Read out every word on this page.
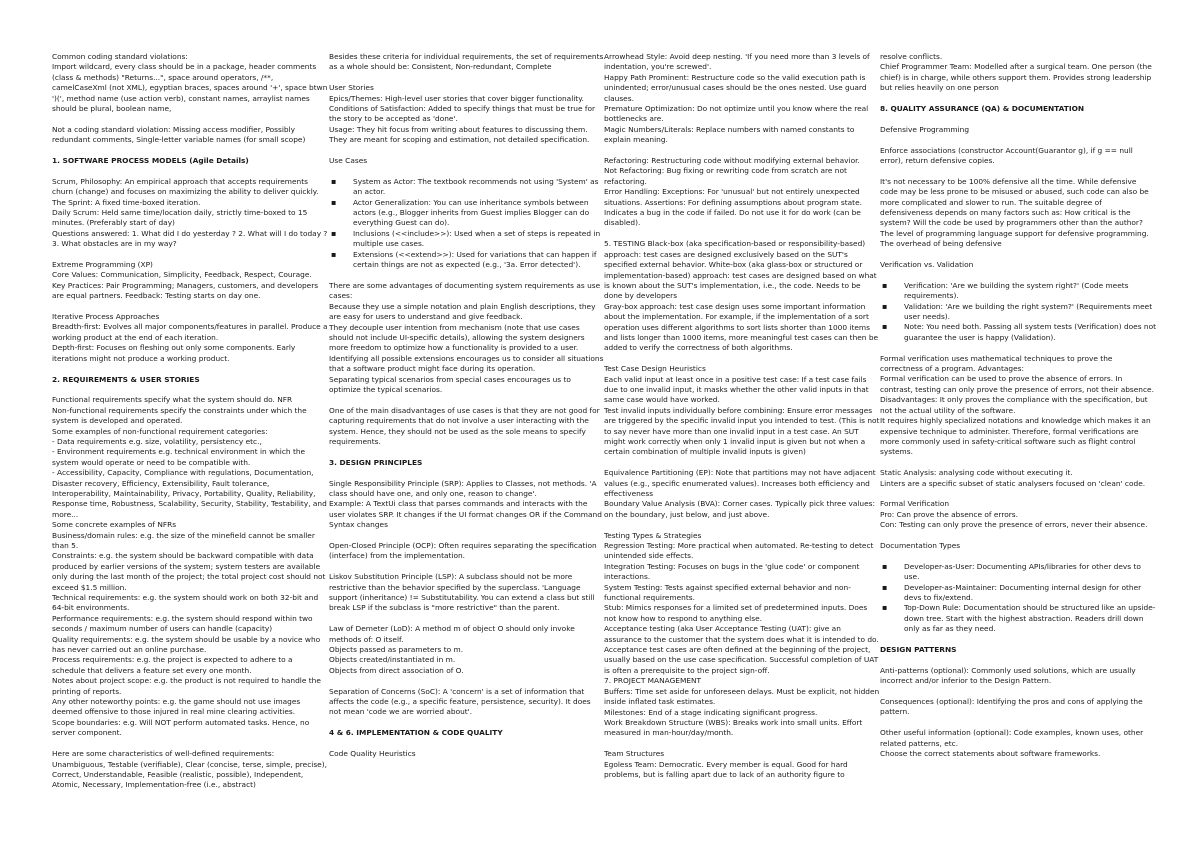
Common coding standard violations:
Import wildcard, every class should be in a package, header comments (class & methods) "Returns...", space around operators, /**, camelCaseXml (not XML), egyptian braces, spaces around '+', space btwn ')(', method name (use action verb), constant names, arraylist names should be plural, boolean name,
Not a coding standard violation: Missing access modifier, Possibly redundant comments, Single-letter variable names (for small scope)
1. SOFTWARE PROCESS MODELS (Agile Details)
Scrum, Philosophy: An empirical approach that accepts requirements churn (change) and focuses on maximizing the ability to deliver quickly.
The Sprint: A fixed time-boxed iteration.
Daily Scrum: Held same time/location daily, strictly time-boxed to 15 minutes. (Preferably start of day)
Questions answered: 1. What did I do yesterday ? 2. What will I do today ? 3. What obstacles are in my way?
Extreme Programming (XP)
Core Values: Communication, Simplicity, Feedback, Respect, Courage.
Key Practices: Pair Programming; Managers, customers, and developers are equal partners. Feedback: Testing starts on day one.
Iterative Process Approaches
Breadth-first: Evolves all major components/features in parallel. Produce a working product at the end of each iteration.
Depth-first: Focuses on fleshing out only some components. Early iterations might not produce a working product.
2. REQUIREMENTS & USER STORIES
Functional requirements specify what the system should do. NFR
Non-functional requirements specify the constraints under which the system is developed and operated.
Some examples of non-functional requirement categories:
- Data requirements e.g. size, volatility, persistency etc.,
- Environment requirements e.g. technical environment in which the system would operate or need to be compatible with.
- Accessibility, Capacity, Compliance with regulations, Documentation, Disaster recovery, Efficiency, Extensibility, Fault tolerance, Interoperability, Maintainability, Privacy, Portability, Quality, Reliability, Response time, Robustness, Scalability, Security, Stability, Testability, and more...
Some concrete examples of NFRs
Business/domain rules: e.g. the size of the minefield cannot be smaller than 5.
Constraints: e.g. the system should be backward compatible with data produced by earlier versions of the system; system testers are available only during the last month of the project; the total project cost should not exceed $1.5 million.
Technical requirements: e.g. the system should work on both 32-bit and 64-bit environments.
Performance requirements: e.g. the system should respond within two seconds / maximum number of users can handle (capacity)
Quality requirements: e.g. the system should be usable by a novice who has never carried out an online purchase.
Process requirements: e.g. the project is expected to adhere to a schedule that delivers a feature set every one month.
Notes about project scope: e.g. the product is not required to handle the printing of reports.
Any other noteworthy points: e.g. the game should not use images deemed offensive to those injured in real mine clearing activities.
Scope boundaries: e.g. Will NOT perform automated tasks. Hence, no server component.
Here are some characteristics of well-defined requirements:
Unambiguous, Testable (verifiable), Clear (concise, terse, simple, precise), Correct, Understandable, Feasible (realistic, possible), Independent, Atomic, Necessary, Implementation-free (i.e., abstract)
Besides these criteria for individual requirements, the set of requirements as a whole should be: Consistent, Non-redundant, Complete
User Stories
Epics/Themes: High-level user stories that cover bigger functionality.
Conditions of Satisfaction: Added to specify things that must be true for the story to be accepted as 'done'.
Usage: They hit focus from writing about features to discussing them. They are meant for scoping and estimation, not detailed specification.
Use Cases
▪ System as Actor: The textbook recommends not using 'System' as an actor.
▪ Actor Generalization: You can use inheritance symbols between actors (e.g., Blogger inherits from Guest implies Blogger can do everything Guest can do).
▪ Inclusions (<<include>>): Used when a set of steps is repeated in multiple use cases.
▪ Extensions (<<extend>>): Used for variations that can happen if certain things are not as expected (e.g., '3a. Error detected').
There are some advantages of documenting system requirements as use cases:
Because they use a simple notation and plain English descriptions, they are easy for users to understand and give feedback.
They decouple user intention from mechanism (note that use cases should not include UI-specific details), allowing the system designers more freedom to optimize how a functionality is provided to a user.
Identifying all possible extensions encourages us to consider all situations that a software product might face during its operation.
Separating typical scenarios from special cases encourages us to optimize the typical scenarios.
One of the main disadvantages of use cases is that they are not good for capturing requirements that do not involve a user interacting with the system. Hence, they should not be used as the sole means to specify requirements.
3. DESIGN PRINCIPLES
Single Responsibility Principle (SRP): Applies to Classes, not methods. 'A class should have one, and only one, reason to change'.
Example: A TextUi class that parses commands and interacts with the user violates SRP. It changes if the UI format changes OR if the Command Syntax changes
Open-Closed Principle (OCP): Often requires separating the specification (interface) from the implementation.
Liskov Substitution Principle (LSP): A subclass should not be more restrictive than the behavior specified by the superclass. 'Language support (inheritance) != Substitutability. You can extend a class but still break LSP if the subclass is "more restrictive" than the parent.
Law of Demeter (LoD): A method m of object O should only invoke methods of: O itself.
Objects passed as parameters to m.
Objects created/instantiated in m.
Objects from direct association of O.
Separation of Concerns (SoC): A 'concern' is a set of information that affects the code (e.g., a specific feature, persistence, security). It does not mean 'code we are worried about'.
4 & 6. IMPLEMENTATION & CODE QUALITY
Code Quality Heuristics
Arrowhead Style: Avoid deep nesting. 'If you need more than 3 levels of indentation, you're screwed'.
Happy Path Prominent: Restructure code so the valid execution path is unindented; error/unusual cases should be the ones nested. Use guard clauses.
Premature Optimization: Do not optimize until you know where the real bottlenecks are.
Magic Numbers/Literals: Replace numbers with named constants to explain meaning.
Refactoring: Restructuring code without modifying external behavior.
Not Refactoring: Bug fixing or rewriting code from scratch are not refactoring.
Error Handling: Exceptions: For 'unusual' but not entirely unexpected situations. Assertions: For defining assumptions about program state. Indicates a bug in the code if failed. Do not use it for do work (can be disabled).
5. TESTING Black-box (aka specification-based or responsibility-based) approach: test cases are designed exclusively based on the SUT's specified external behavior. White-box (aka glass-box or structured or implementation-based) approach: test cases are designed based on what is known about the SUT's implementation, i.e., the code. Needs to be done by developers
Gray-box approach: test case design uses some important information about the implementation. For example, if the implementation of a sort operation uses different algorithms to sort lists shorter than 1000 items and lists longer than 1000 items, more meaningful test cases can then be added to verify the correctness of both algorithms.
Test Case Design Heuristics
Each valid input at least once in a positive test case: If a test case fails due to one invalid input, it masks whether the other valid inputs in that same case would have worked.
Test invalid inputs individually before combining: Ensure error messages are triggered by the specific invalid input you intended to test. (This is not to say never have more than one invalid input in a test case. An SUT might work correctly when only 1 invalid input is given but not when a certain combination of multiple invalid inputs is given)
Equivalence Partitioning (EP): Note that partitions may not have adjacent values (e.g., specific enumerated values). Increases both efficiency and effectiveness
Boundary Value Analysis (BVA): Corner cases. Typically pick three values: on the boundary, just below, and just above.
Testing Types & Strategies
Regression Testing: More practical when automated. Re-testing to detect unintended side effects.
Integration Testing: Focuses on bugs in the 'glue code' or component interactions.
System Testing: Tests against specified external behavior and non-functional requirements.
Stub: Mimics responses for a limited set of predetermined inputs. Does not know how to respond to anything else.
Acceptance testing (aka User Acceptance Testing (UAT): give an assurance to the customer that the system does what it is intended to do. Acceptance test cases are often defined at the beginning of the project, usually based on the use case specification. Successful completion of UAT is often a prerequisite to the project sign-off.
7. PROJECT MANAGEMENT
Buffers: Time set aside for unforeseen delays. Must be explicit, not hidden inside inflated task estimates.
Milestones: End of a stage indicating significant progress.
Work Breakdown Structure (WBS): Breaks work into small units. Effort measured in man-hour/day/month.
Team Structures
Egoless Team: Democratic. Every member is equal. Good for hard problems, but is falling apart due to lack of an authority figure to
resolve conflicts.
Chief Programmer Team: Modelled after a surgical team. One person (the chief) is in charge, while others support them. Provides strong leadership but relies heavily on one person
8. QUALITY ASSURANCE (QA) & DOCUMENTATION
Defensive Programming
Enforce associations (constructor Account(Guarantor g), if g == null error), return defensive copies.
It's not necessary to be 100% defensive all the time. While defensive code may be less prone to be misused or abused, such code can also be more complicated and slower to run. The suitable degree of defensiveness depends on many factors such as: How critical is the system? Will the code be used by programmers other than the author? The level of programming language support for defensive programming. The overhead of being defensive
Verification vs. Validation
▪ Verification: 'Are we building the system right?' (Code meets requirements).
▪ Validation: 'Are we building the right system?' (Requirements meet user needs).
▪ Note: You need both. Passing all system tests (Verification) does not guarantee the user is happy (Validation).
Formal verification uses mathematical techniques to prove the correctness of a program. Advantages:
Formal verification can be used to prove the absence of errors. In contrast, testing can only prove the presence of errors, not their absence.
Disadvantages: It only proves the compliance with the specification, but not the actual utility of the software.
It requires highly specialized notations and knowledge which makes it an expensive technique to administer. Therefore, formal verifications are more commonly used in safety-critical software such as flight control systems.
Static Analysis: analysing code without executing it.
Linters are a specific subset of static analysers focused on 'clean' code.
Formal Verification
Pro: Can prove the absence of errors.
Con: Testing can only prove the presence of errors, never their absence.
Documentation Types
▪ Developer-as-User: Documenting APIs/libraries for other devs to use.
▪ Developer-as-Maintainer: Documenting internal design for other devs to fix/extend.
▪ Top-Down Rule: Documentation should be structured like an upside-down tree. Start with the highest abstraction. Readers drill down only as far as they need.
DESIGN PATTERNS
Anti-patterns (optional): Commonly used solutions, which are usually incorrect and/or inferior to the Design Pattern.
Consequences (optional): Identifying the pros and cons of applying the pattern.
Other useful information (optional): Code examples, known uses, other related patterns, etc.
Choose the correct statements about software frameworks.
